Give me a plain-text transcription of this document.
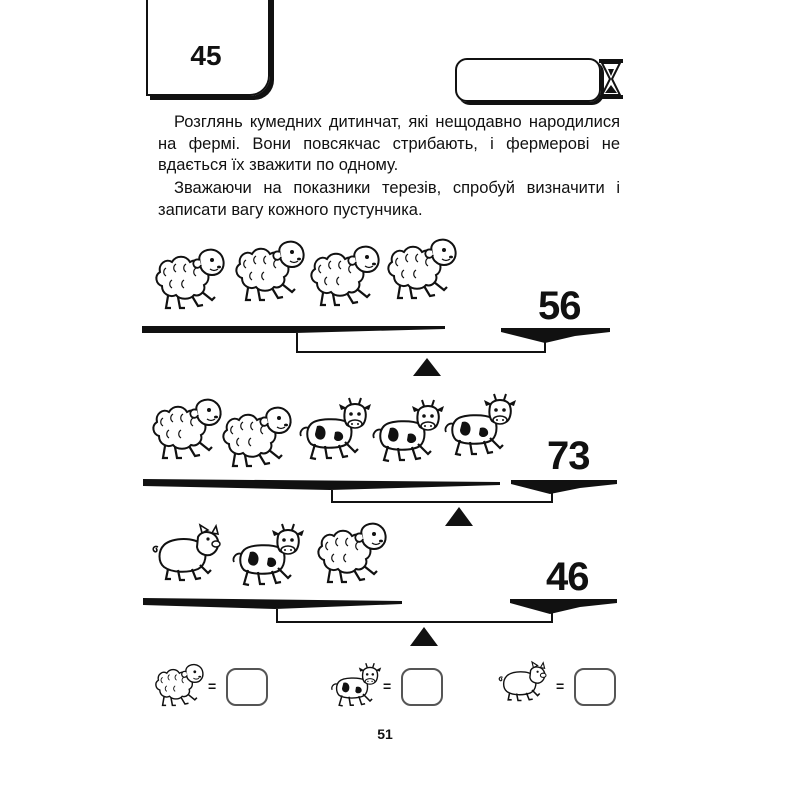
45
Розглянь кумедних дитинчат, які нещодавно народилися на фермі. Вони повсякчас стрибають, і фермерові не вдається їх зважити по одному.
Зважаючи на показники терезів, спробуй визначити і записати вагу кожного пустунчика.
56
73
46
=	=	=
51
